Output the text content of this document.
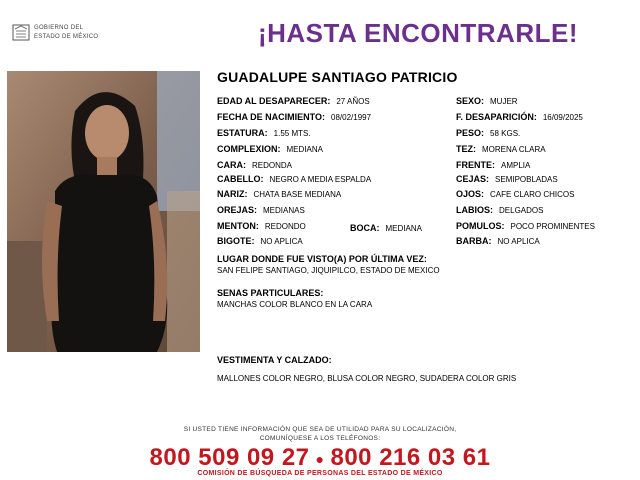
GOBIERNO DEL
ESTADO DE MÉXICO	¡HASTA ENCONTRARLE!
GUADALUPE SANTIAGO PATRICIO
EDAD AL DESAPARECER: 27 AÑOS
FECHA DE NACIMIENTO: 08/02/1997
ESTATURA: 1.55 MTS.
COMPLEXION: MEDIANA
CARA: REDONDA
CABELLO: NEGRO A MEDIA ESPALDA
NARIZ: CHATA BASE MEDIANA
OREJAS: MEDIANAS
MENTON: REDONDO	BOCA: MEDIANA
BIGOTE: NO APLICA
SEXO: MUJER
F. DESAPARICIÓN: 16/09/2025
PESO: 58 KGS.
TEZ: MORENA CLARA
FRENTE: AMPLIA
CEJAS: SEMIPOBLADAS
OJOS: CAFE CLARO CHICOS
LABIOS: DELGADOS
POMULOS: POCO PROMINENTES
BARBA: NO APLICA
LUGAR DONDE FUE VISTO(A) POR ÚLTIMA VEZ:
SAN FELIPE SANTIAGO, JIQUIPILCO, ESTADO DE MEXICO
SENAS PARTICULARES:
MANCHAS COLOR BLANCO EN LA CARA
VESTIMENTA Y CALZADO:
MALLONES COLOR NEGRO, BLUSA COLOR NEGRO, SUDADERA COLOR GRIS
SI USTED TIENE INFORMACIÓN QUE SEA DE UTILIDAD PARA SU LOCALIZACIÓN,
COMUNÍQUESE A LOS TELÉFONOS:
800 509 09 27 ● 800 216 03 61
COMISIÓN DE BÚSQUEDA DE PERSONAS DEL ESTADO DE MÉXICO
